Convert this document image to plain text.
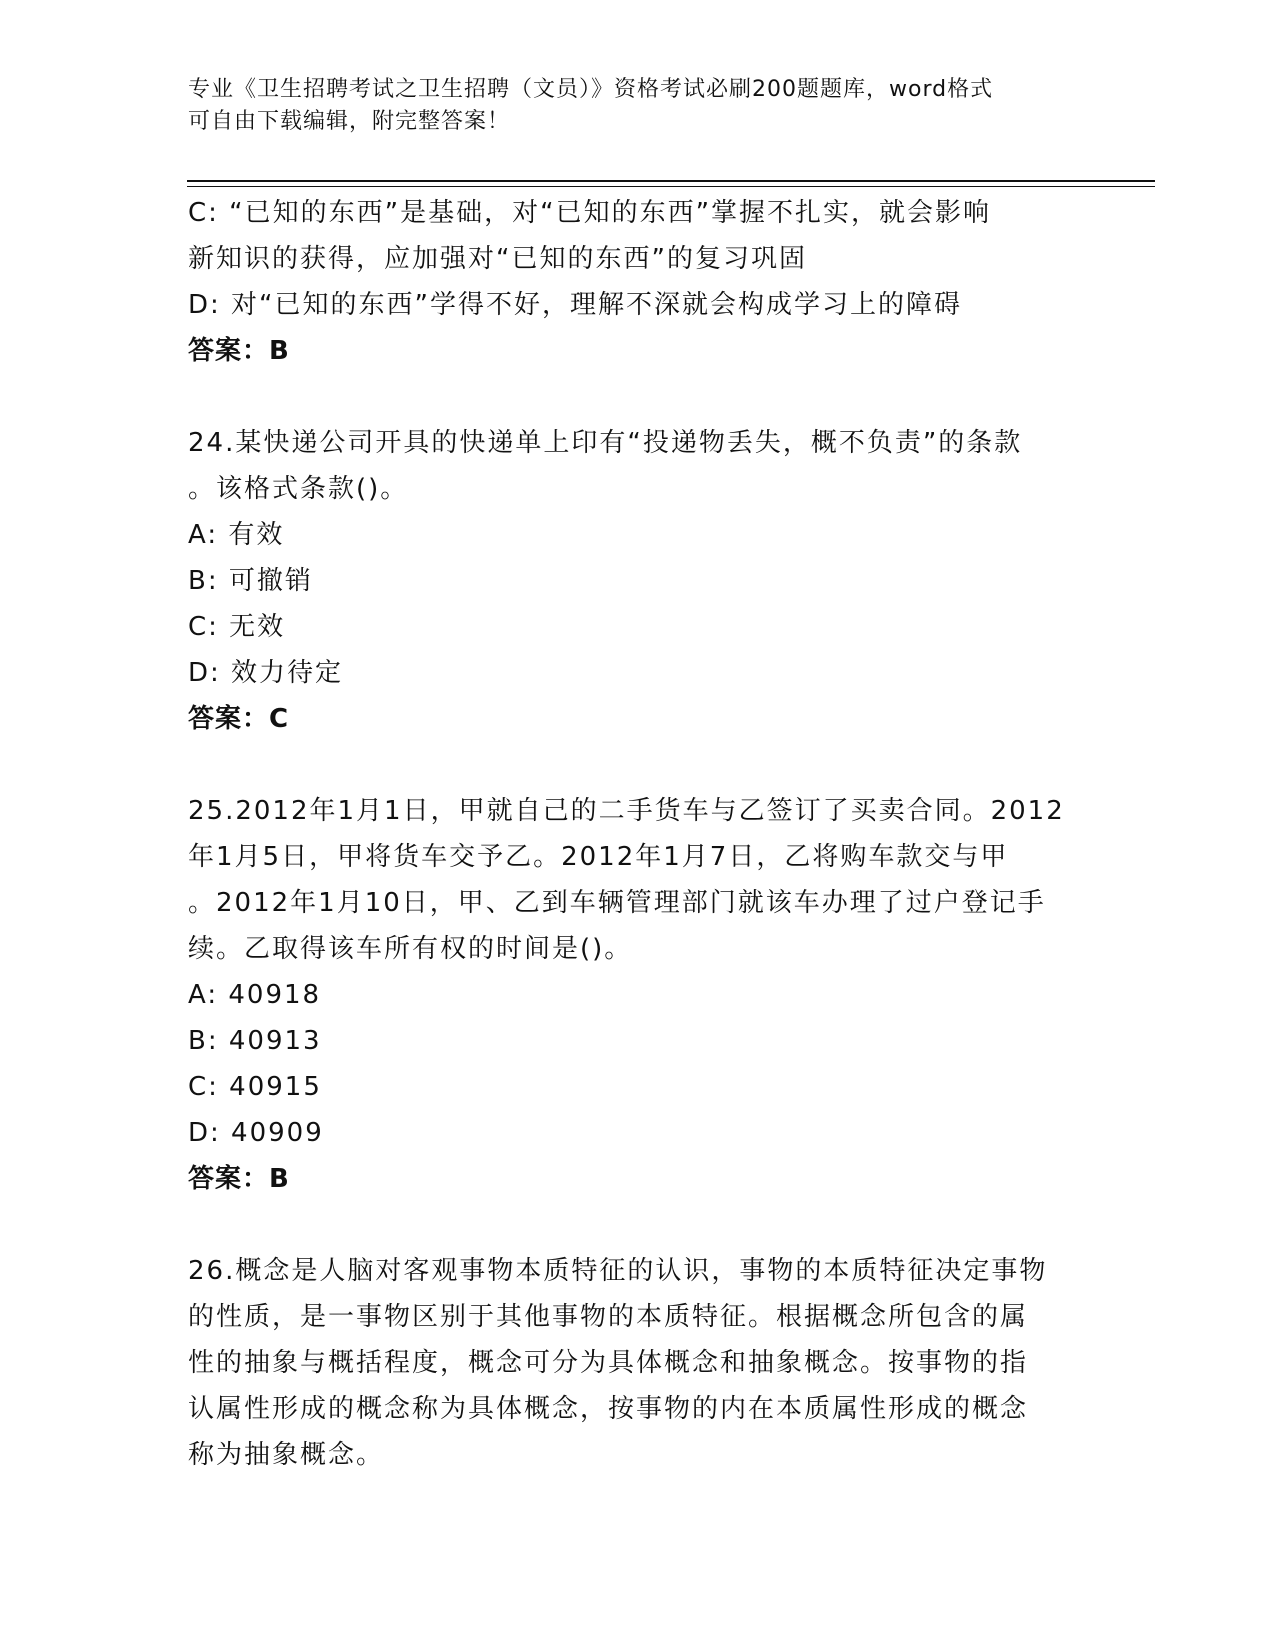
专业《卫生招聘考试之卫生招聘（文员）》资格考试必刷200题题库，word格式
可自由下载编辑，附完整答案！

C: “已知的东西”是基础，对“已知的东西”掌握不扎实，就会影响

新知识的获得，应加强对“已知的东西”的复习巩固

D: 对“已知的东西”学得不好，理解不深就会构成学习上的障碍

答案：B

24.某快递公司开具的快递单上印有“投递物丢失，概不负责”的条款

。该格式条款()。

A: 有效

B: 可撤销

C: 无效

D: 效力待定

答案：C

25.2012年1月1日，甲就自己的二手货车与乙签订了买卖合同。2012

年1月5日，甲将货车交予乙。2012年1月7日，乙将购车款交与甲

。2012年1月10日，甲、乙到车辆管理部门就该车办理了过户登记手

续。乙取得该车所有权的时间是()。

A: 40918

B: 40913

C: 40915

D: 40909

答案：B

26.概念是人脑对客观事物本质特征的认识，事物的本质特征决定事物

的性质，是一事物区别于其他事物的本质特征。根据概念所包含的属

性的抽象与概括程度，概念可分为具体概念和抽象概念。按事物的指

认属性形成的概念称为具体概念，按事物的内在本质属性形成的概念

称为抽象概念。
